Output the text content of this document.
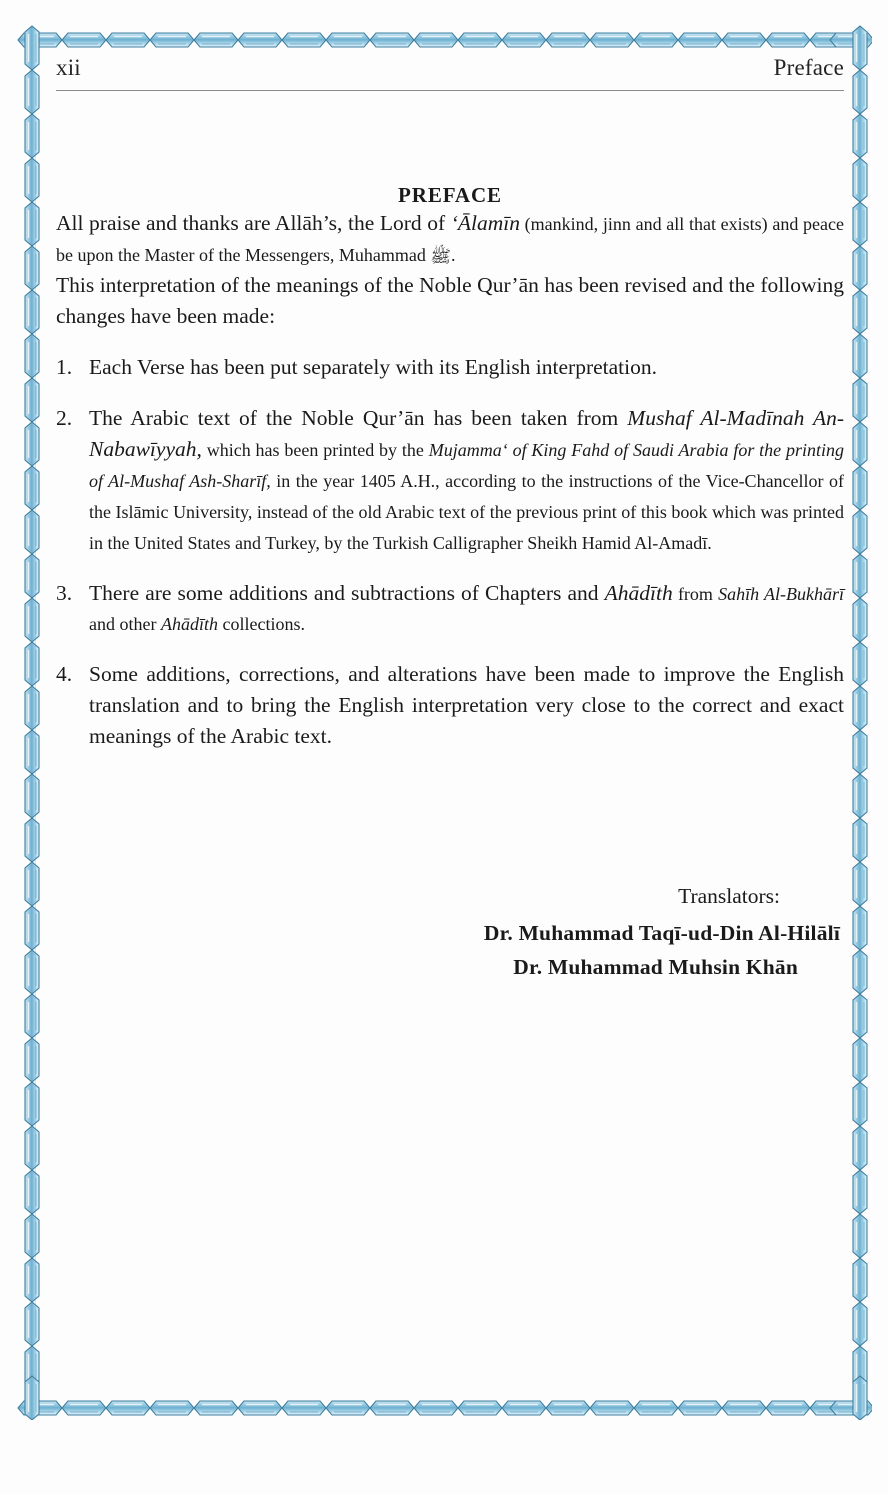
xii	Preface
PREFACE

All praise and thanks are Allāh’s, the Lord of ‘Ālamīn (mankind, jinn and all that exists) and peace be upon the Master of the Messengers, Muhammad ﷺ.

This interpretation of the meanings of the Noble Qur’ān has been revised and the following changes have been made:

1. Each Verse has been put separately with its English interpretation.
2. The Arabic text of the Noble Qur’ān has been taken from Mushaf Al-Madīnah An-Nabawīyyah, which has been printed by the Mujamma‘ of King Fahd of Saudi Arabia for the printing of Al-Mushaf Ash-Sharīf, in the year 1405 A.H., according to the instructions of the Vice-Chancellor of the Islāmic University, instead of the old Arabic text of the previous print of this book which was printed in the United States and Turkey, by the Turkish Calligrapher Sheikh Hamid Al-Amadī.
3. There are some additions and subtractions of Chapters and Ahādīth from Sahīh Al-Bukhārī and other Ahādīth collections.
4. Some additions, corrections, and alterations have been made to improve the English translation and to bring the English interpretation very close to the correct and exact meanings of the Arabic text.
Translators:
Dr. Muhammad Taqī-ud-Din Al-Hilālī
Dr. Muhammad Muhsin Khān
